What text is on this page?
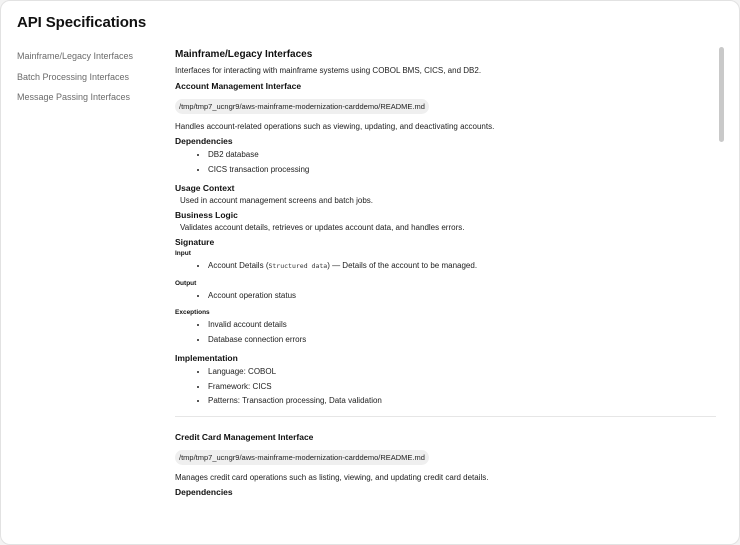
API Specifications
Mainframe/Legacy Interfaces
Batch Processing Interfaces
Message Passing Interfaces
Mainframe/Legacy Interfaces
Interfaces for interacting with mainframe systems using COBOL BMS, CICS, and DB2.
Account Management Interface
/tmp/tmp7_ucngr9/aws-mainframe-modernization-carddemo/README.md
Handles account-related operations such as viewing, updating, and deactivating accounts.
Dependencies
• DB2 database
• CICS transaction processing
Usage Context
Used in account management screens and batch jobs.
Business Logic
Validates account details, retrieves or updates account data, and handles errors.
Signature
Input
• Account Details (Structured data) — Details of the account to be managed.
Output
• Account operation status
Exceptions
• Invalid account details
• Database connection errors
Implementation
• Language: COBOL
• Framework: CICS
• Patterns: Transaction processing, Data validation
Credit Card Management Interface
/tmp/tmp7_ucngr9/aws-mainframe-modernization-carddemo/README.md
Manages credit card operations such as listing, viewing, and updating credit card details.
Dependencies
